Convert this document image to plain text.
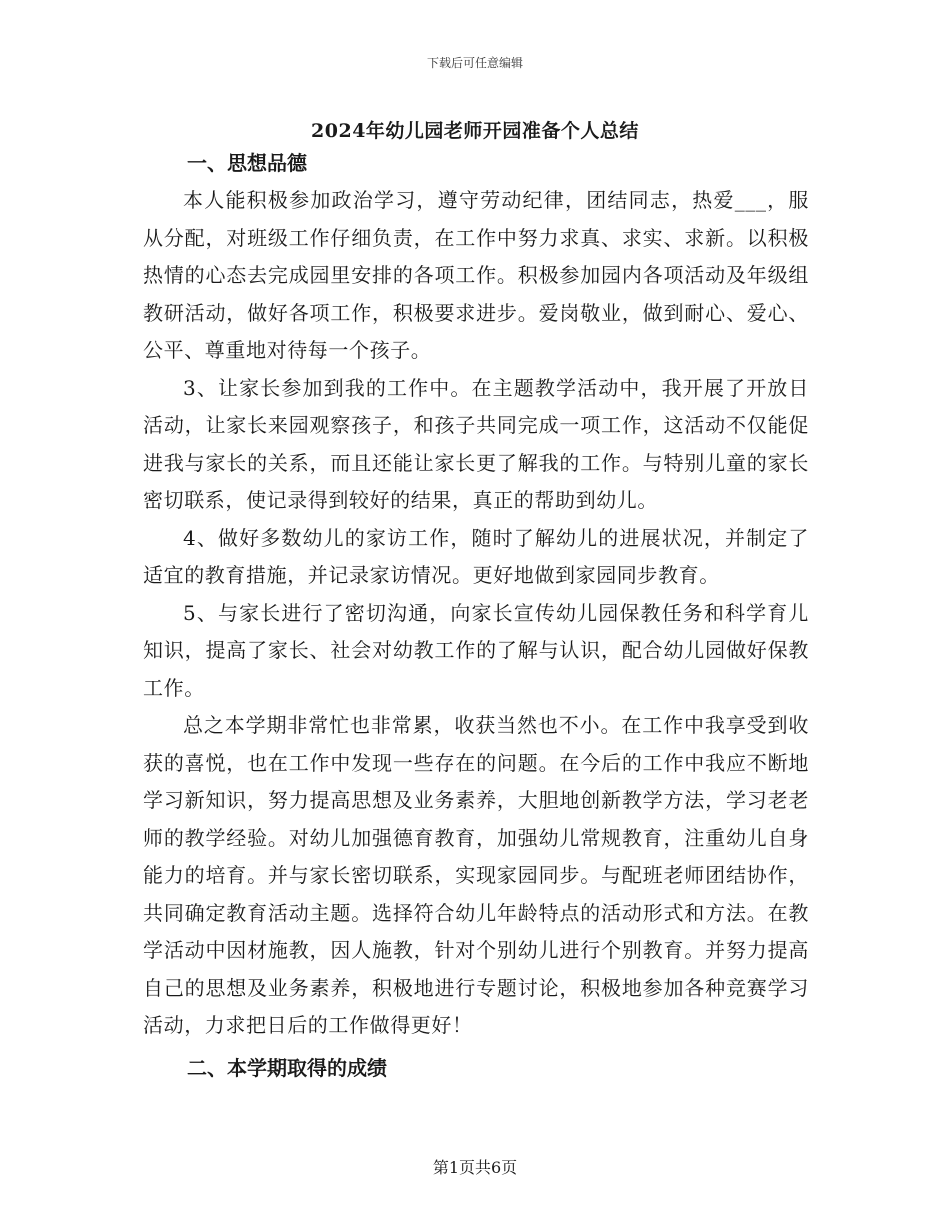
下载后可任意编辑
2024年幼儿园老师开园准备个人总结

一、思想品德

本人能积极参加政治学习，遵守劳动纪律，团结同志，热爱___，服从分配，对班级工作仔细负责，在工作中努力求真、求实、求新。以积极热情的心态去完成园里安排的各项工作。积极参加园内各项活动及年级组教研活动，做好各项工作，积极要求进步。爱岗敬业，做到耐心、爱心、公平、尊重地对待每一个孩子。

3、让家长参加到我的工作中。在主题教学活动中，我开展了开放日活动，让家长来园观察孩子，和孩子共同完成一项工作，这活动不仅能促进我与家长的关系，而且还能让家长更了解我的工作。与特别儿童的家长密切联系，使记录得到较好的结果，真正的帮助到幼儿。

4、做好多数幼儿的家访工作，随时了解幼儿的进展状况，并制定了适宜的教育措施，并记录家访情况。更好地做到家园同步教育。

5、与家长进行了密切沟通，向家长宣传幼儿园保教任务和科学育儿知识，提高了家长、社会对幼教工作的了解与认识，配合幼儿园做好保教工作。

总之本学期非常忙也非常累，收获当然也不小。在工作中我享受到收获的喜悦，也在工作中发现一些存在的问题。在今后的工作中我应不断地学习新知识，努力提高思想及业务素养，大胆地创新教学方法，学习老老师的教学经验。对幼儿加强德育教育，加强幼儿常规教育，注重幼儿自身能力的培育。并与家长密切联系，实现家园同步。与配班老师团结协作，共同确定教育活动主题。选择符合幼儿年龄特点的活动形式和方法。在教学活动中因材施教，因人施教，针对个别幼儿进行个别教育。并努力提高自己的思想及业务素养，积极地进行专题讨论，积极地参加各种竞赛学习活动，力求把日后的工作做得更好！

二、本学期取得的成绩

第1页共6页
